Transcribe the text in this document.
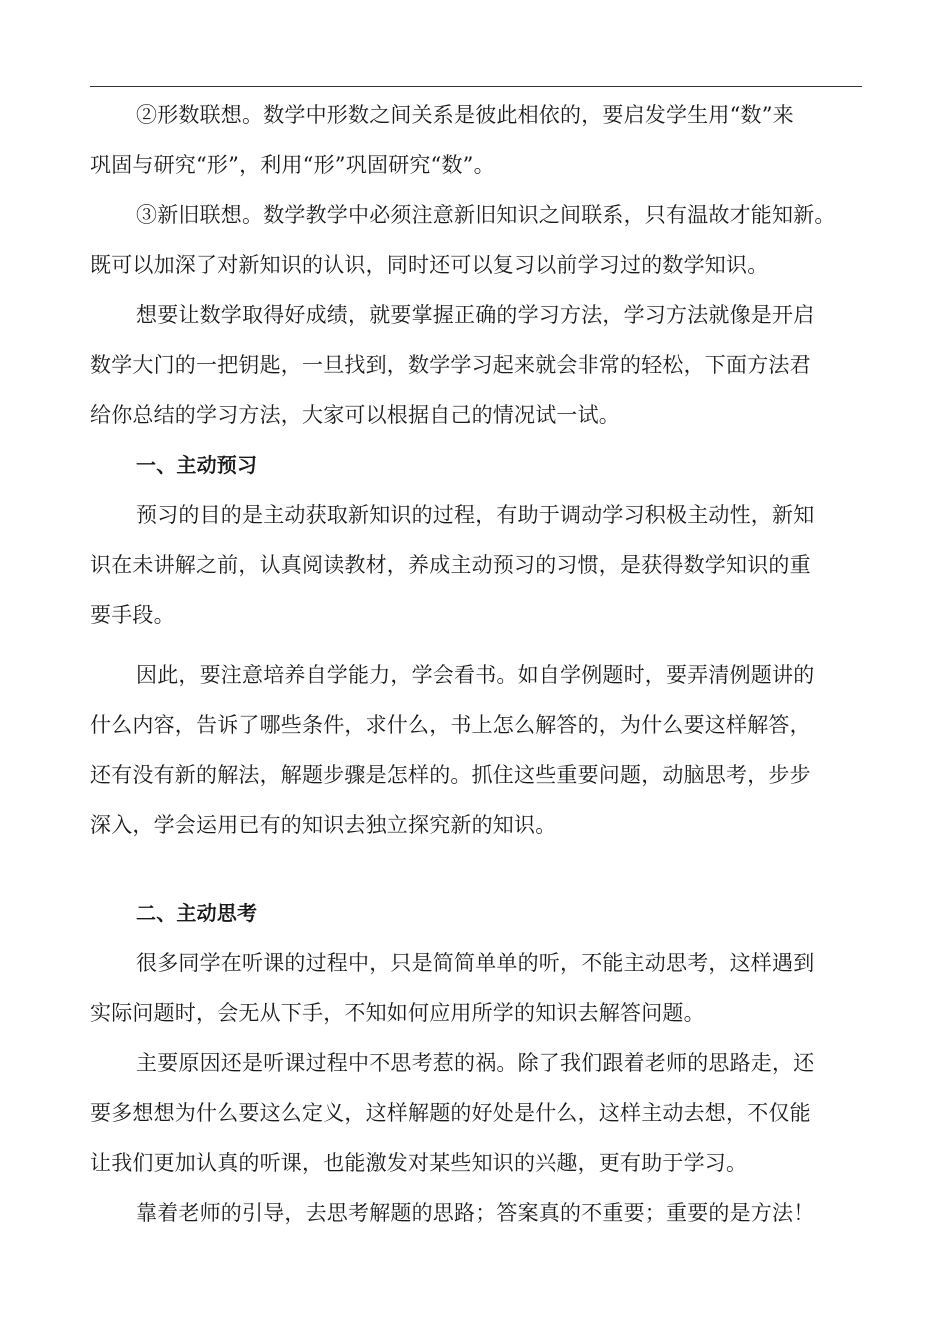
②形数联想。数学中形数之间关系是彼此相依的，要启发学生用“数”来
巩固与研究“形”，利用“形”巩固研究“数”。
③新旧联想。数学教学中必须注意新旧知识之间联系，只有温故才能知新。
既可以加深了对新知识的认识，同时还可以复习以前学习过的数学知识。
想要让数学取得好成绩，就要掌握正确的学习方法，学习方法就像是开启
数学大门的一把钥匙，一旦找到，数学学习起来就会非常的轻松，下面方法君
给你总结的学习方法，大家可以根据自己的情况试一试。
一、主动预习
预习的目的是主动获取新知识的过程，有助于调动学习积极主动性，新知
识在未讲解之前，认真阅读教材，养成主动预习的习惯，是获得数学知识的重
要手段。
因此，要注意培养自学能力，学会看书。如自学例题时，要弄清例题讲的
什么内容，告诉了哪些条件，求什么，书上怎么解答的，为什么要这样解答，
还有没有新的解法，解题步骤是怎样的。抓住这些重要问题，动脑思考，步步
深入，学会运用已有的知识去独立探究新的知识。
二、主动思考
很多同学在听课的过程中，只是简简单单的听，不能主动思考，这样遇到
实际问题时，会无从下手，不知如何应用所学的知识去解答问题。
主要原因还是听课过程中不思考惹的祸。除了我们跟着老师的思路走，还
要多想想为什么要这么定义，这样解题的好处是什么，这样主动去想，不仅能
让我们更加认真的听课，也能激发对某些知识的兴趣，更有助于学习。
靠着老师的引导，去思考解题的思路；答案真的不重要；重要的是方法！
